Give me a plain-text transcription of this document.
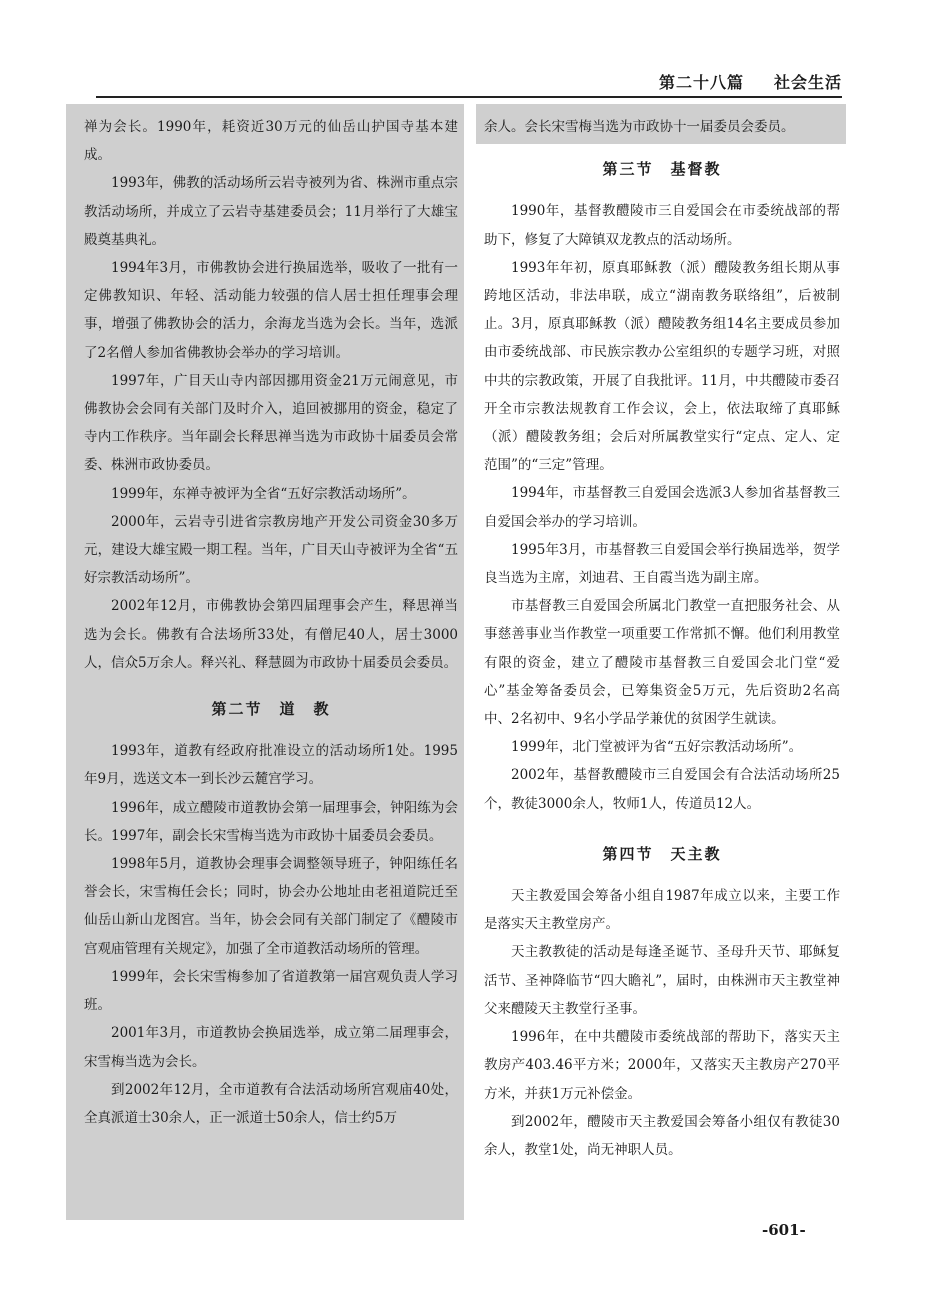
第二十八篇 社会生活

禅为会长。1990年，耗资近30万元的仙岳山护国寺基本建成。

1993年，佛教的活动场所云岩寺被列为省、株洲市重点宗教活动场所，并成立了云岩寺基建委员会；11月举行了大雄宝殿奠基典礼。

1994年3月，市佛教协会进行换届选举，吸收了一批有一定佛教知识、年轻、活动能力较强的信人居士担任理事会理事，增强了佛教协会的活力，余海龙当选为会长。当年，选派了2名僧人参加省佛教协会举办的学习培训。

1997年，广目天山寺内部因挪用资金21万元闹意见，市佛教协会会同有关部门及时介入，追回被挪用的资金，稳定了寺内工作秩序。当年副会长释思禅当选为市政协十届委员会常委、株洲市政协委员。

1999年，东禅寺被评为全省“五好宗教活动场所”。

2000年，云岩寺引进省宗教房地产开发公司资金30多万元，建设大雄宝殿一期工程。当年，广目天山寺被评为全省“五好宗教活动场所”。

2002年12月，市佛教协会第四届理事会产生，释思禅当选为会长。佛教有合法场所33处，有僧尼40人，居士3000人，信众5万余人。释兴礼、释慧圆为市政协十届委员会委员。

第二节　道　教

1993年，道教有经政府批准设立的活动场所1处。1995年9月，选送文本一到长沙云麓宫学习。

1996年，成立醴陵市道教协会第一届理事会，钟阳练为会长。1997年，副会长宋雪梅当选为市政协十届委员会委员。

1998年5月，道教协会理事会调整领导班子，钟阳练任名誉会长，宋雪梅任会长；同时，协会办公地址由老祖道院迁至仙岳山新山龙图宫。当年，协会会同有关部门制定了《醴陵市宫观庙管理有关规定》，加强了全市道教活动场所的管理。

1999年，会长宋雪梅参加了省道教第一届宫观负责人学习班。

2001年3月，市道教协会换届选举，成立第二届理事会，宋雪梅当选为会长。

到2002年12月，全市道教有合法活动场所宫观庙40处，全真派道士30余人，正一派道士50余人，信士约5万

余人。会长宋雪梅当选为市政协十一届委员会委员。

第三节　基督教

1990年，基督教醴陵市三自爱国会在市委统战部的帮助下，修复了大障镇双龙教点的活动场所。

1993年年初，原真耶稣教（派）醴陵教务组长期从事跨地区活动，非法串联，成立“湖南教务联络组”，后被制止。3月，原真耶稣教（派）醴陵教务组14名主要成员参加由市委统战部、市民族宗教办公室组织的专题学习班，对照中共的宗教政策，开展了自我批评。11月，中共醴陵市委召开全市宗教法规教育工作会议，会上，依法取缔了真耶稣（派）醴陵教务组；会后对所属教堂实行“定点、定人、定范围”的“三定”管理。

1994年，市基督教三自爱国会选派3人参加省基督教三自爱国会举办的学习培训。

1995年3月，市基督教三自爱国会举行换届选举，贺学良当选为主席，刘迪君、王自霞当选为副主席。

市基督教三自爱国会所属北门教堂一直把服务社会、从事慈善事业当作教堂一项重要工作常抓不懈。他们利用教堂有限的资金，建立了醴陵市基督教三自爱国会北门堂“爱心”基金筹备委员会，已筹集资金5万元，先后资助2名高中、2名初中、9名小学品学兼优的贫困学生就读。

1999年，北门堂被评为省“五好宗教活动场所”。

2002年，基督教醴陵市三自爱国会有合法活动场所25个，教徒3000余人，牧师1人，传道员12人。

第四节　天主教

天主教爱国会筹备小组自1987年成立以来，主要工作是落实天主教堂房产。

天主教教徒的活动是每逢圣诞节、圣母升天节、耶稣复活节、圣神降临节“四大瞻礼”，届时，由株洲市天主教堂神父来醴陵天主教堂行圣事。

1996年，在中共醴陵市委统战部的帮助下，落实天主教房产403.46平方米；2000年，又落实天主教房产270平方米，并获1万元补偿金。

到2002年，醴陵市天主教爱国会筹备小组仅有教徒30余人，教堂1处，尚无神职人员。

-601-
